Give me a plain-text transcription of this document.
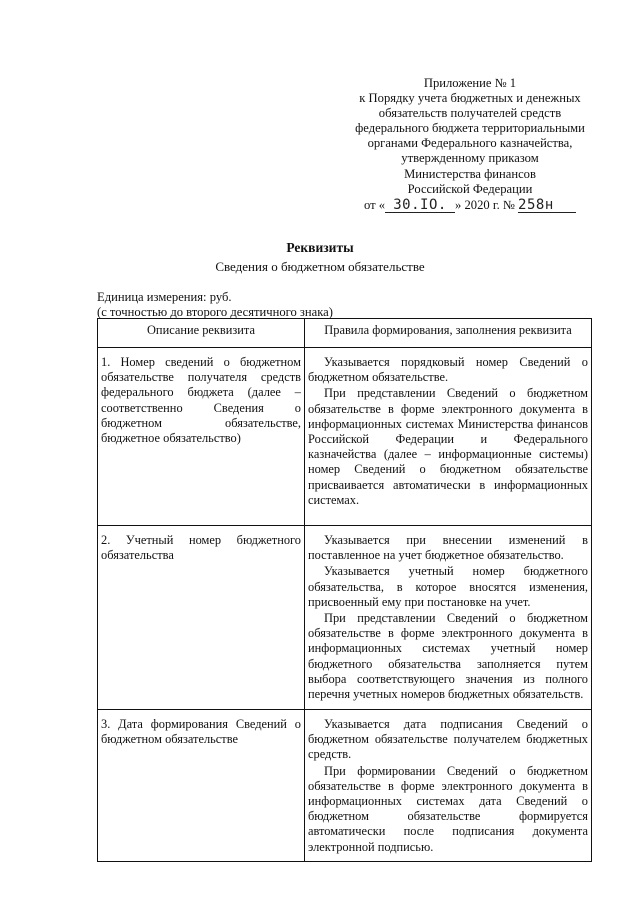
Приложение № 1
к Порядку учета бюджетных и денежных
обязательств получателей средств
федерального бюджета территориальными
органами Федерального казначейства,
утвержденному приказом
Министерства финансов
Российской Федерации
от « 30.IO. » 2020 г. № 258н
Реквизиты
Сведения о бюджетном обязательстве
Единица измерения: руб.
(с точностью до второго десятичного знака)
Описание реквизита	Правила формирования, заполнения реквизита

1. Номер сведений о бюджетном обязательстве получателя средств федерального бюджета (далее – соответственно Сведения о бюджетном обязательстве, бюджетное обязательство)	Указывается порядковый номер Сведений о бюджетном обязательстве.

При представлении Сведений о бюджетном обязательстве в форме электронного документа в информационных системах Министерства финансов Российской Федерации и Федерального казначейства (далее – информационные системы) номер Сведений о бюджетном обязательстве присваивается автоматически в информационных системах.

2. Учетный номер бюджетного обязательства	Указывается при внесении изменений в поставленное на учет бюджетное обязательство.

Указывается учетный номер бюджетного обязательства, в которое вносятся изменения, присвоенный ему при постановке на учет.

При представлении Сведений о бюджетном обязательстве в форме электронного документа в информационных системах учетный номер бюджетного обязательства заполняется путем выбора соответствующего значения из полного перечня учетных номеров бюджетных обязательств.

3. Дата формирования Сведений о бюджетном обязательстве	Указывается дата подписания Сведений о бюджетном обязательстве получателем бюджетных средств.

При формировании Сведений о бюджетном обязательстве в форме электронного документа в информационных системах дата Сведений о бюджетном обязательстве формируется автоматически после подписания документа электронной подписью.
